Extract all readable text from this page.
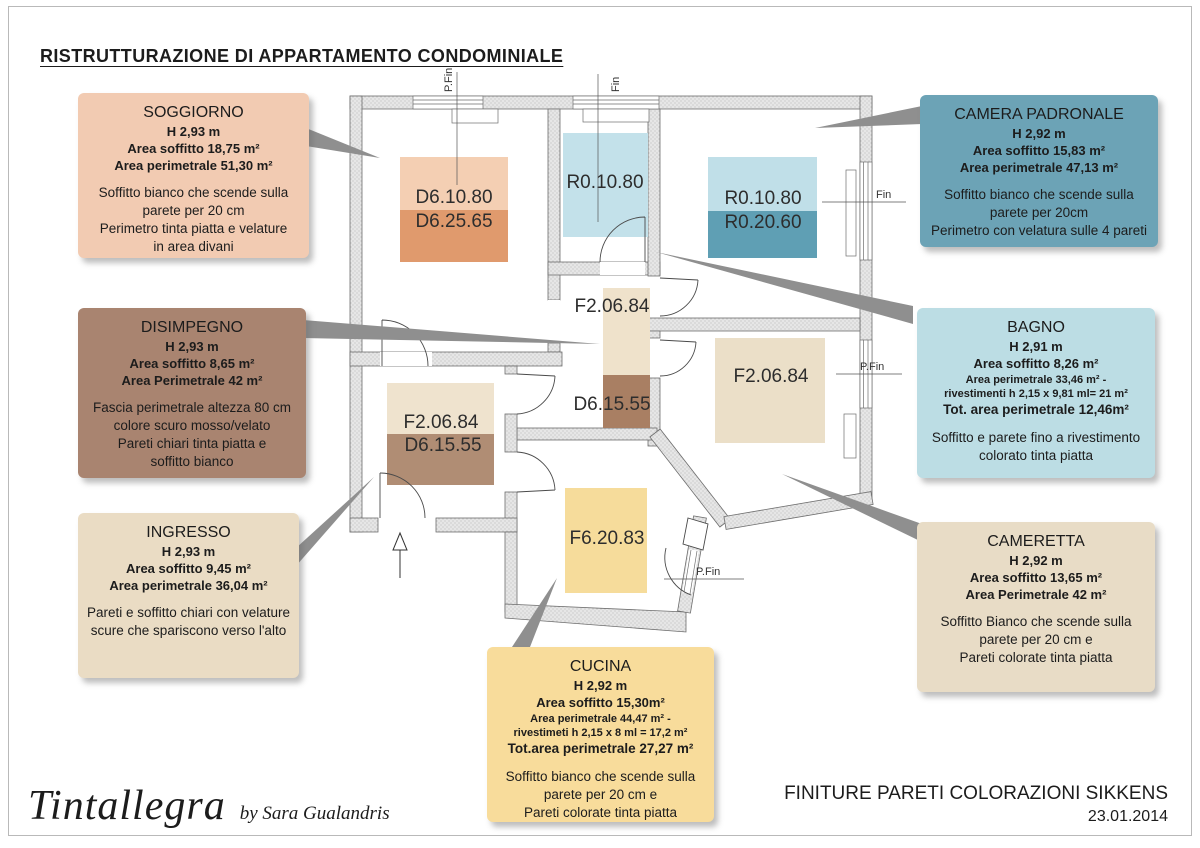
RISTRUTTURAZIONE DI APPARTAMENTO CONDOMINIALE
D6.10.80
D6.25.65
R0.10.80
R0.10.80
R0.20.60
F2.06.84
D6.15.55
F2.06.84
D6.15.55
F2.06.84
F6.20.83
P.Fin	Fin
Fin
P.Fin
P.Fin
SOGGIORNO
H 2,93 m
Area soffitto 18,75 m²
Area perimetrale 51,30 m²
Soffitto bianco che scende sulla
parete per 20 cm
Perimetro tinta piatta e velature
in area divani
DISIMPEGNO
H 2,93 m
Area soffitto 8,65 m²
Area Perimetrale 42 m²
Fascia perimetrale altezza 80 cm
colore scuro mosso/velato
Pareti chiari tinta piatta e
soffitto bianco
INGRESSO
H 2,93 m
Area soffitto 9,45 m²
Area perimetrale 36,04 m²
Pareti e soffitto chiari con velature
scure che spariscono verso l'alto
CUCINA
H 2,92 m
Area soffitto 15,30m²
Area perimetrale 44,47 m² -
rivestimeti h 2,15 x 8 ml = 17,2 m²
Tot.area perimetrale 27,27 m²
Soffitto bianco che scende sulla
parete per 20 cm e
Pareti colorate tinta piatta
CAMERA PADRONALE
H 2,92 m
Area soffitto 15,83 m²
Area perimetrale 47,13 m²
Soffitto bianco che scende sulla
parete per 20cm
Perimetro con velatura sulle 4 pareti
BAGNO
H 2,91 m
Area soffitto 8,26 m²
Area perimetrale 33,46 m² -
rivestimenti h 2,15 x 9,81 ml= 21 m²
Tot. area perimetrale 12,46m²
Soffitto e parete fino a rivestimento
colorato tinta piatta
CAMERETTA
H 2,92 m
Area soffitto 13,65 m²
Area Perimetrale 42 m²
Soffitto Bianco che scende sulla
parete per 20 cm e
Pareti colorate tinta piatta
FINITURE PARETI COLORAZIONI SIKKENS
23.01.2014
Tintallegra by Sara Gualandris
